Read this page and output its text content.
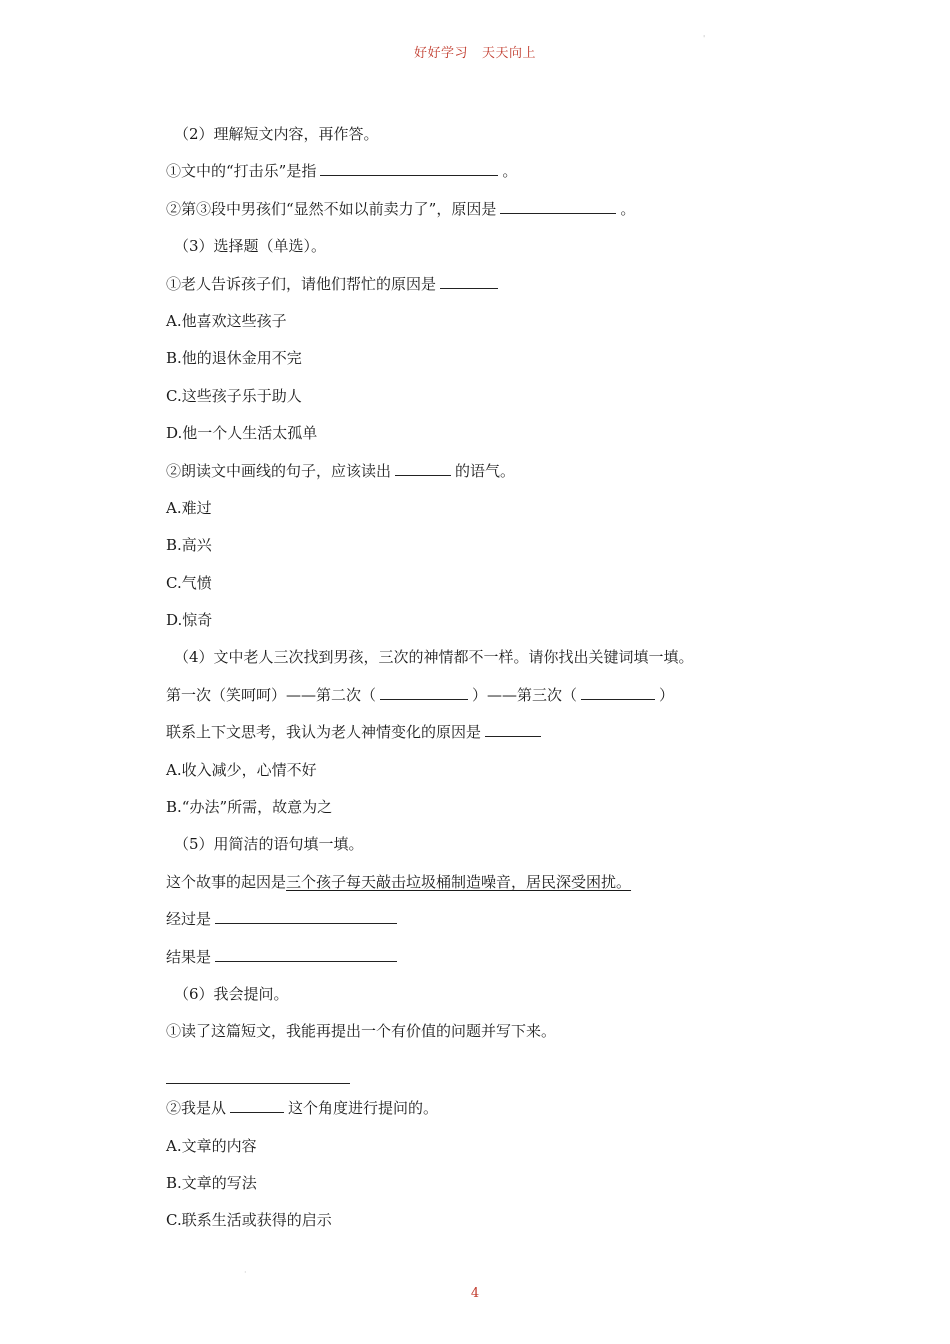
好好学习 天天向上
'
（2）理解短文内容，再作答。
①文中的“打击乐”是指	。
②第③段中男孩们“显然不如以前卖力了”，原因是	。
（3）选择题（单选）。
①老人告诉孩子们，请他们帮忙的原因是
A.他喜欢这些孩子
B.他的退休金用不完
C.这些孩子乐于助人
D.他一个人生活太孤单
②朗读文中画线的句子，应该读出	的语气。
A.难过
B.高兴
C.气愤
D.惊奇
（4）文中老人三次找到男孩，三次的神情都不一样。请你找出关键词填一填。
第一次（笑呵呵）——第二次（	）——第三次（	）
联系上下文思考，我认为老人神情变化的原因是
A.收入减少，心情不好
B.“办法”所需，故意为之
（5）用简洁的语句填一填。
这个故事的起因是三个孩子每天敲击垃圾桶制造噪音，居民深受困扰。
经过是
结果是
（6）我会提问。
①读了这篇短文，我能再提出一个有价值的问题并写下来。
②我是从	这个角度进行提问的。
A.文章的内容
B.文章的写法
C.联系生活或获得的启示
·
4
